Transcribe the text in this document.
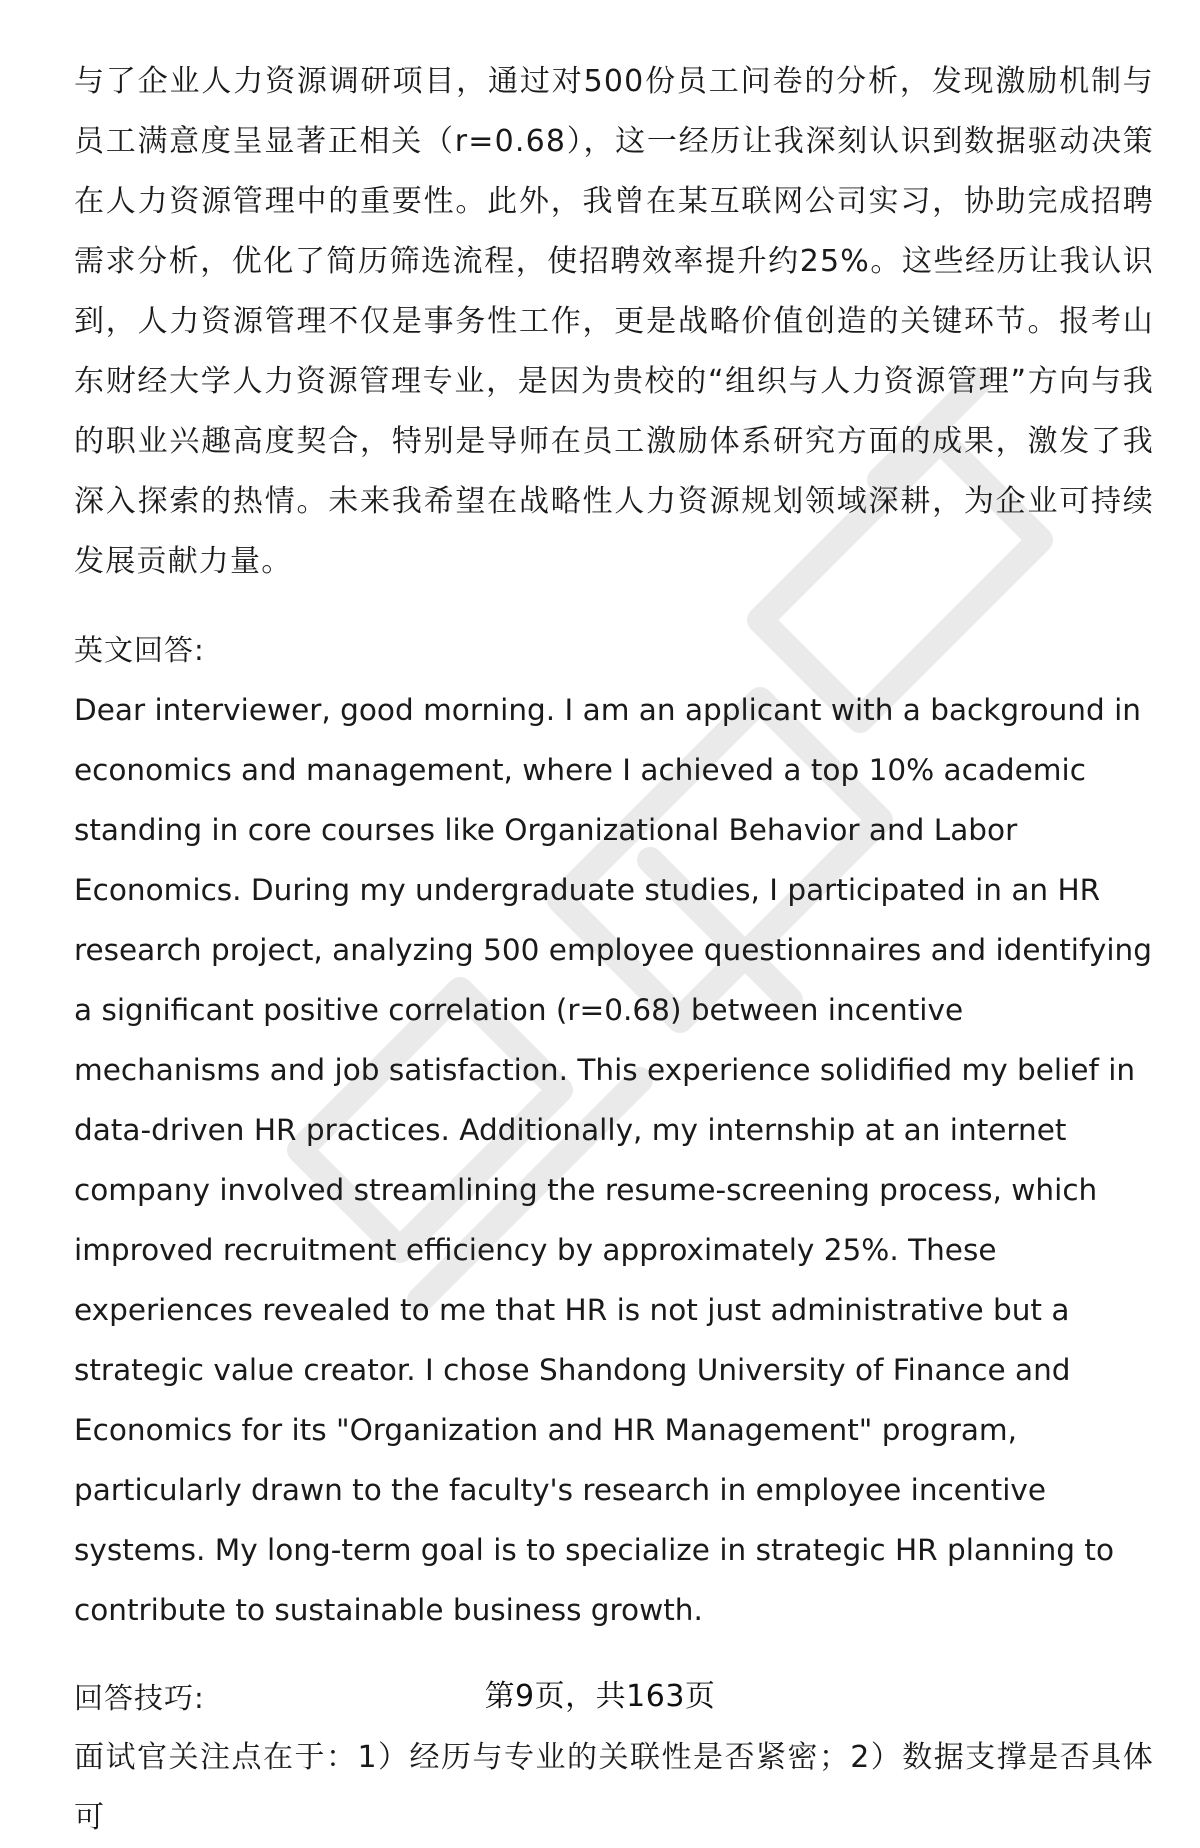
与了企业人力资源调研项目，通过对500份员工问卷的分析，发现激励机制与员工满意度呈显著正相关（r=0.68），这一经历让我深刻认识到数据驱动决策在人力资源管理中的重要性。此外，我曾在某互联网公司实习，协助完成招聘需求分析，优化了简历筛选流程，使招聘效率提升约25%。这些经历让我认识到，人力资源管理不仅是事务性工作，更是战略价值创造的关键环节。报考山东财经大学人力资源管理专业，是因为贵校的“组织与人力资源管理”方向与我的职业兴趣高度契合，特别是导师在员工激励体系研究方面的成果，激发了我深入探索的热情。未来我希望在战略性人力资源规划领域深耕，为企业可持续发展贡献力量。

英文回答:

Dear interviewer, good morning. I am an applicant with a background in economics and management, where I achieved a top 10% academic standing in core courses like Organizational Behavior and Labor Economics. During my undergraduate studies, I participated in an HR research project, analyzing 500 employee questionnaires and identifying a significant positive correlation (r=0.68) between incentive mechanisms and job satisfaction. This experience solidified my belief in data-driven HR practices. Additionally, my internship at an internet company involved streamlining the resume-screening process, which improved recruitment efficiency by approximately 25%. These experiences revealed to me that HR is not just administrative but a strategic value creator. I chose Shandong University of Finance and Economics for its "Organization and HR Management" program, particularly drawn to the faculty's research in employee incentive systems. My long-term goal is to specialize in strategic HR planning to contribute to sustainable business growth.

回答技巧:

面试官关注点在于：1）经历与专业的关联性是否紧密；2）数据支撑是否具体可

第9页，共163页
